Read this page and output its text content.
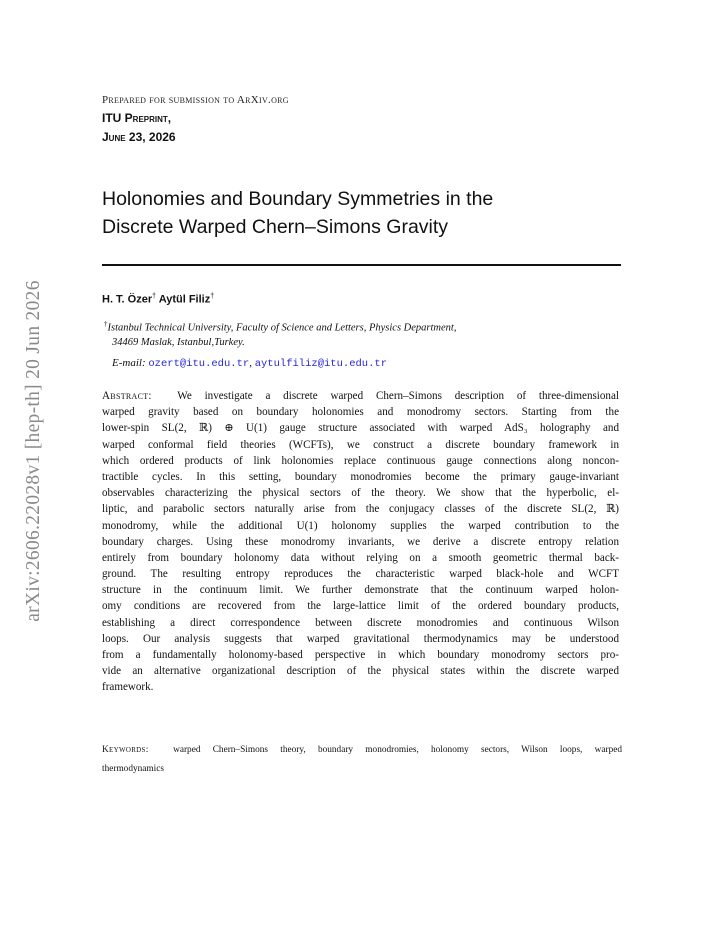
arXiv:2606.22028v1 [hep-th] 20 Jun 2026
Prepared for submission to ArXiv.org
ITU Preprint,
June 23, 2026
Holonomies and Boundary Symmetries in the
Discrete Warped Chern–Simons Gravity
H. T. Özer† Aytül Filiz†
†Istanbul Technical University, Faculty of Science and Letters, Physics Department,
34469 Maslak, Istanbul,Turkey.
E-mail: ozert@itu.edu.tr, aytulfiliz@itu.edu.tr
Abstract: We investigate a discrete warped Chern–Simons description of three-dimensional
warped gravity based on boundary holonomies and monodromy sectors. Starting from the
lower-spin SL(2, ℝ) ⊕ U(1) gauge structure associated with warped AdS₃ holography and
warped conformal field theories (WCFTs), we construct a discrete boundary framework in
which ordered products of link holonomies replace continuous gauge connections along noncon-
tractible cycles. In this setting, boundary monodromies become the primary gauge-invariant
observables characterizing the physical sectors of the theory. We show that the hyperbolic, el-
liptic, and parabolic sectors naturally arise from the conjugacy classes of the discrete SL(2, ℝ)
monodromy, while the additional U(1) holonomy supplies the warped contribution to the
boundary charges. Using these monodromy invariants, we derive a discrete entropy relation
entirely from boundary holonomy data without relying on a smooth geometric thermal back-
ground. The resulting entropy reproduces the characteristic warped black-hole and WCFT
structure in the continuum limit. We further demonstrate that the continuum warped holon-
omy conditions are recovered from the large-lattice limit of the ordered boundary products,
establishing a direct correspondence between discrete monodromies and continuous Wilson
loops. Our analysis suggests that warped gravitational thermodynamics may be understood
from a fundamentally holonomy-based perspective in which boundary monodromy sectors pro-
vide an alternative organizational description of the physical states within the discrete warped
framework.
Keywords:	warped Chern–Simons theory, boundary monodromies, holonomy sectors, Wilson loops, warped
thermodynamics
